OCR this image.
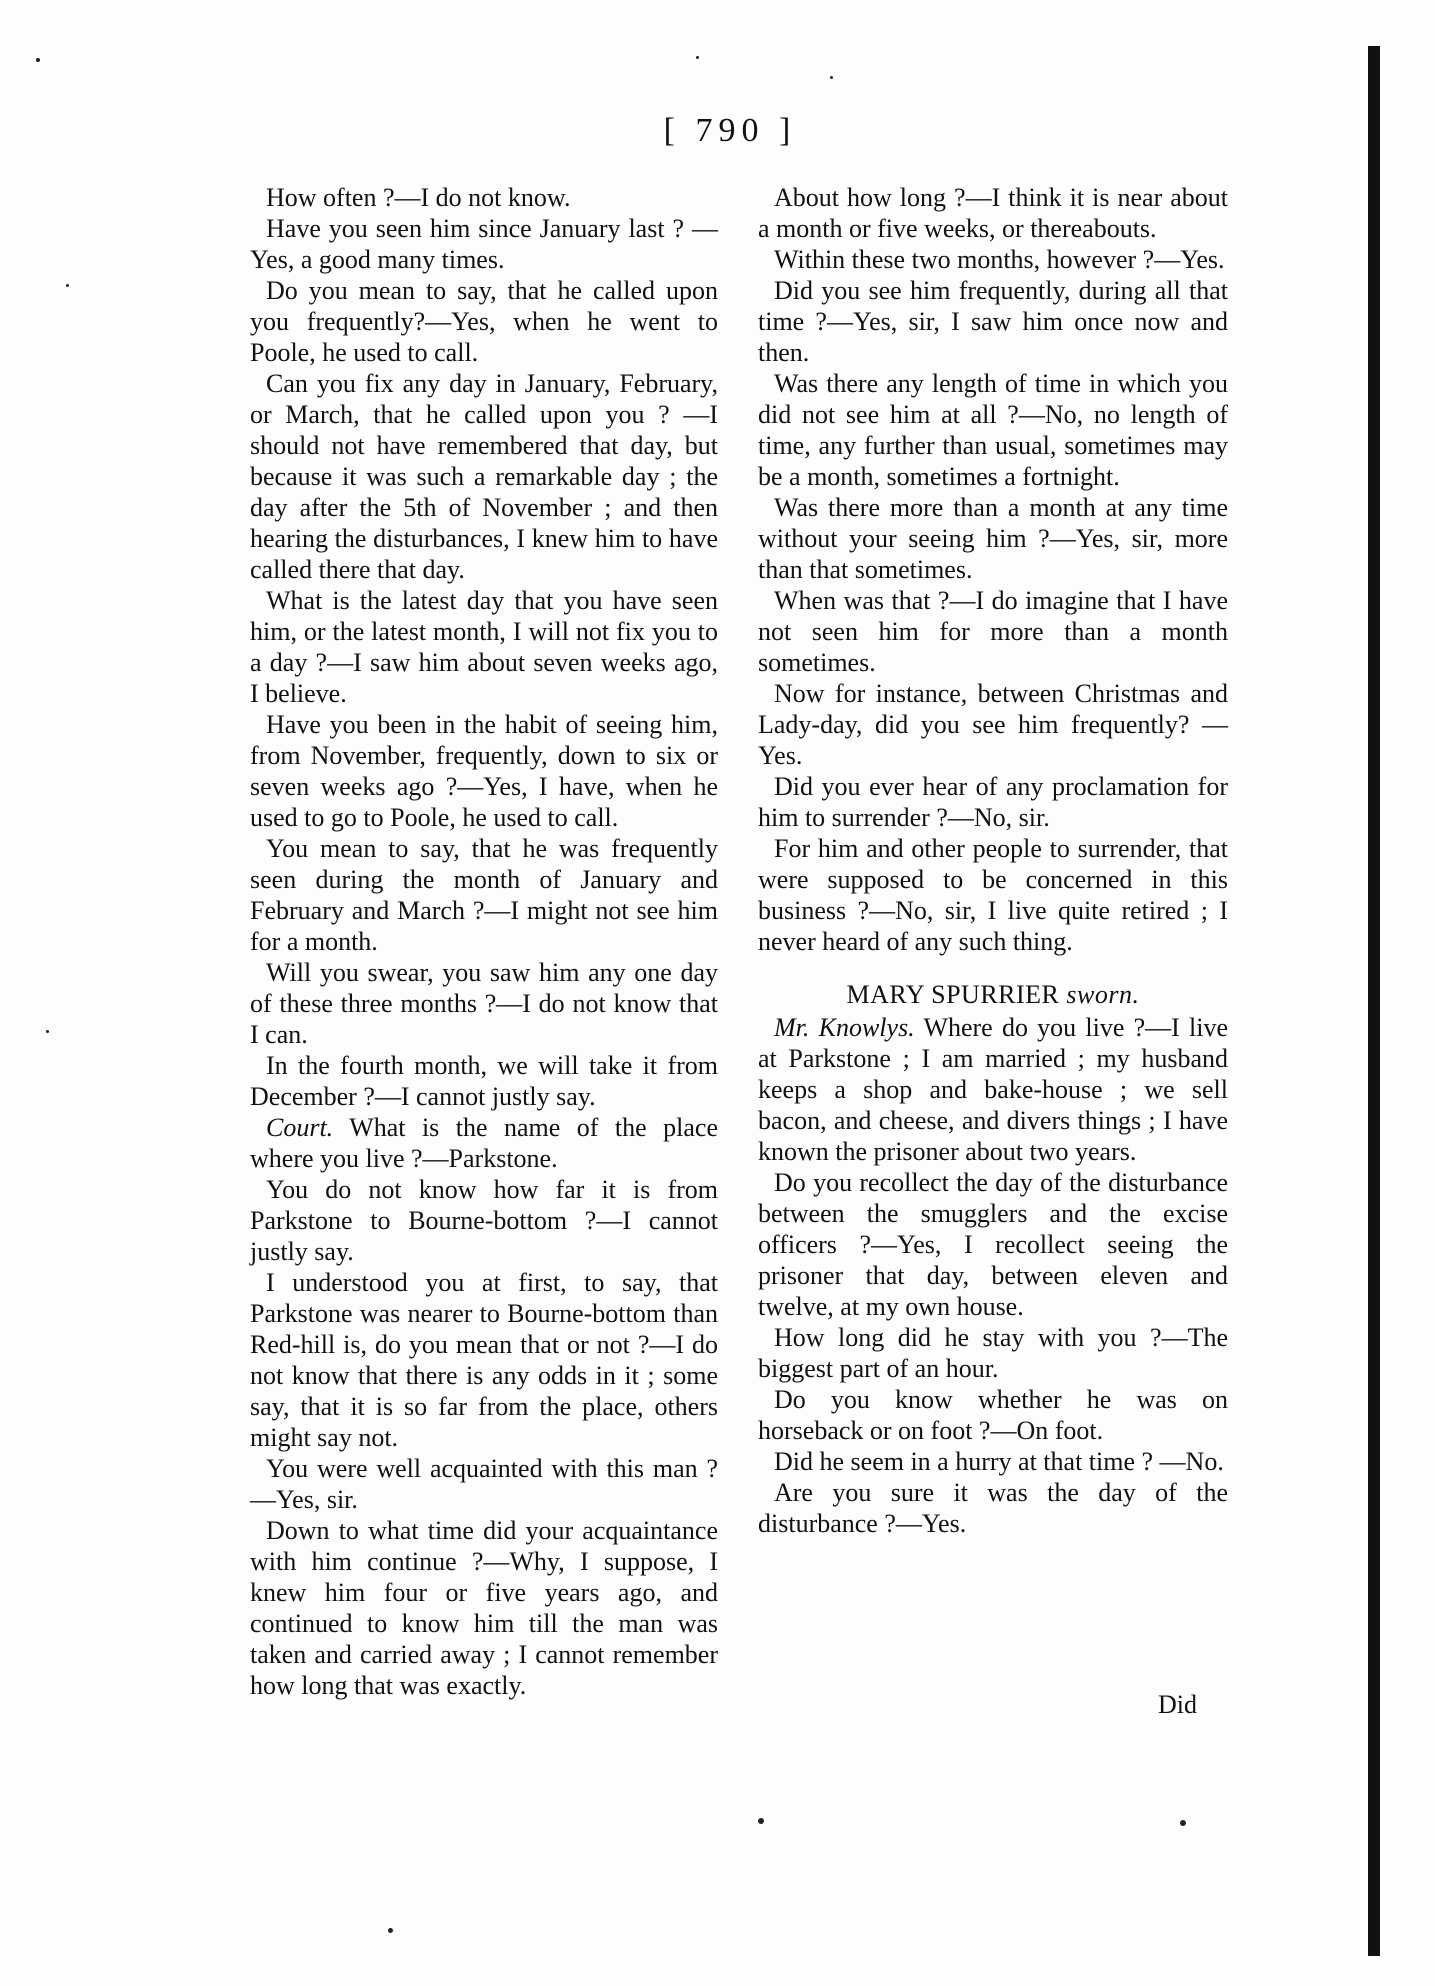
[ 790 ]

How often ?—I do not know.

Have you seen him since January last ? —Yes, a good many times.

Do you mean to say, that he called upon you frequently?—Yes, when he went to Poole, he used to call.

Can you fix any day in January, February, or March, that he called upon you ? —I should not have remembered that day, but because it was such a remarkable day ; the day after the 5th of November ; and then hearing the disturbances, I knew him to have called there that day.

What is the latest day that you have seen him, or the latest month, I will not fix you to a day ?—I saw him about seven weeks ago, I believe.

Have you been in the habit of seeing him, from November, frequently, down to six or seven weeks ago ?—Yes, I have, when he used to go to Poole, he used to call.

You mean to say, that he was frequently seen during the month of January and February and March ?—I might not see him for a month.

Will you swear, you saw him any one day of these three months ?—I do not know that I can.

In the fourth month, we will take it from December ?—I cannot justly say.

Court. What is the name of the place where you live ?—Parkstone.

You do not know how far it is from Parkstone to Bourne-bottom ?—I cannot justly say.

I understood you at first, to say, that Parkstone was nearer to Bourne-bottom than Red-hill is, do you mean that or not ?—I do not know that there is any odds in it ; some say, that it is so far from the place, others might say not.

You were well acquainted with this man ?—Yes, sir.

Down to what time did your acquaintance with him continue ?—Why, I suppose, I knew him four or five years ago, and continued to know him till the man was taken and carried away ; I cannot remember how long that was exactly.

About how long ?—I think it is near about a month or five weeks, or thereabouts.

Within these two months, however ?—Yes.

Did you see him frequently, during all that time ?—Yes, sir, I saw him once now and then.

Was there any length of time in which you did not see him at all ?—No, no length of time, any further than usual, sometimes may be a month, sometimes a fortnight.

Was there more than a month at any time without your seeing him ?—Yes, sir, more than that sometimes.

When was that ?—I do imagine that I have not seen him for more than a month sometimes.

Now for instance, between Christmas and Lady-day, did you see him frequently? —Yes.

Did you ever hear of any proclamation for him to surrender ?—No, sir.

For him and other people to surrender, that were supposed to be concerned in this business ?—No, sir, I live quite retired ; I never heard of any such thing.

MARY SPURRIER sworn.

Mr. Knowlys. Where do you live ?—I live at Parkstone ; I am married ; my husband keeps a shop and bake-house ; we sell bacon, and cheese, and divers things ; I have known the prisoner about two years.

Do you recollect the day of the disturbance between the smugglers and the excise officers ?—Yes, I recollect seeing the prisoner that day, between eleven and twelve, at my own house.

How long did he stay with you ?—The biggest part of an hour.

Do you know whether he was on horseback or on foot ?—On foot.

Did he seem in a hurry at that time ? —No.

Are you sure it was the day of the disturbance ?—Yes.

Did
